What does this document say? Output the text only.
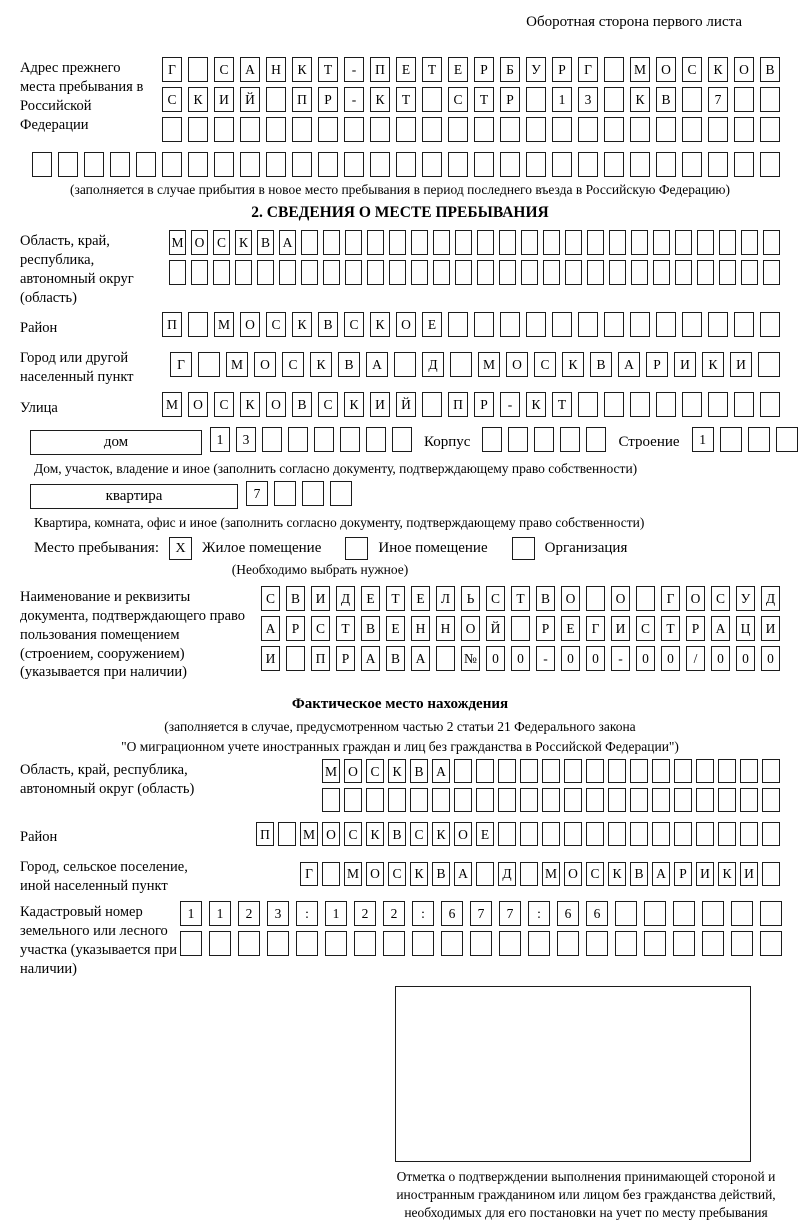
Оборотная сторона первого листа
Адрес прежнего места пребывания в Российской Федерации
Г	С	А	Н	К	Т	-	П	Е	Т	Е	Р	Б	У	Р	Г	М	О	С	К	О	В
С	К	И	Й	П	Р	-	К	Т	С	Т	Р	1	3	К	В	7
(заполняется в случае прибытия в новое место пребывания в период последнего въезда в Российскую Федерацию)
2. СВЕДЕНИЯ О МЕСТЕ ПРЕБЫВАНИЯ
Область, край, республика, автономный округ (область)
М О С К В А
Район	П	М	О	С	К	В	С	К	О	Е
Город или другой населенный пункт
Г	М	О	С	К	В	А	Д	М	О	С	К	В	А	Р	И	К	И
Улица	М	О	С	К	О	В	С	К	И	Й	П	Р	-	К	Т
дом	1	3	Корпус	Строение	1
Дом, участок, владение и иное (заполнить согласно документу, подтверждающему право собственности)
квартира	7
Квартира, комната, офис и иное (заполнить согласно документу, подтверждающему право собственности)
Место пребывания:	X	Жилое помещение	Иное помещение	Организация
(Необходимо выбрать нужное)
Наименование и реквизиты документа, подтверждающего право пользования помещением (строением, сооружением) (указывается при наличии)
С	В	И	Д	Е	Т	Е	Л	Ь	С	Т	В	О	О	Г	О	С	У	Д
А	Р	С	Т	В	Е	Н	Н	О	Й	Р	Е	Г	И	С	Т	Р	А	Ц	И
И	П	Р	А	В	А	№	0	0	-	0	0	-	0	0	/	0	0	0
Фактическое место нахождения
(заполняется в случае, предусмотренном частью 2 статьи 21 Федерального закона
"О миграционном учете иностранных граждан и лиц без гражданства в Российской Федерации")
Область, край, республика, автономный округ (область)
М О С К В А
Район	П	М О С К В С К О Е
Город, сельское поселение, иной населенный пункт
Г	М О С К В А	Д	М О С К В А Р И К И
Кадастровый номер земельного или лесного участка (указывается при наличии)
1	1	2	3	:	1	2	2	:	6	7	7	:	6	6
Отметка о подтверждении выполнения принимающей стороной и иностранным гражданином или лицом без гражданства действий, необходимых для его постановки на учет по месту пребывания
